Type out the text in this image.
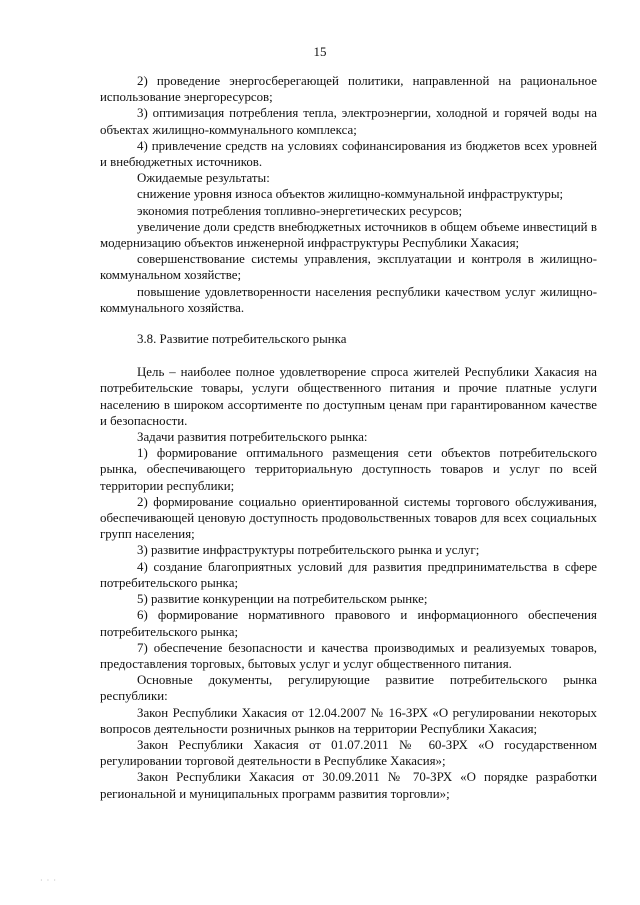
15

2) проведение энергосберегающей политики, направленной на рациональное использование энергоресурсов;

3) оптимизация потребления тепла, электроэнергии, холодной и горячей воды на объектах жилищно-коммунального комплекса;

4) привлечение средств на условиях софинансирования из бюджетов всех уровней и внебюджетных источников.

Ожидаемые результаты:

снижение уровня износа объектов жилищно-коммунальной инфраструктуры;

экономия потребления топливно-энергетических ресурсов;

увеличение доли средств внебюджетных источников в общем объеме инвестиций в модернизацию объектов инженерной инфраструктуры Республики Хакасия;

совершенствование системы управления, эксплуатации и контроля в жилищно-коммунальном хозяйстве;

повышение удовлетворенности населения республики качеством услуг жилищно-коммунального хозяйства.

3.8. Развитие потребительского рынка

Цель – наиболее полное удовлетворение спроса жителей Республики Хакасия на потребительские товары, услуги общественного питания и прочие платные услуги населению в широком ассортименте по доступным ценам при гарантированном качестве и безопасности.

Задачи развития потребительского рынка:

1) формирование оптимального размещения сети объектов потребительского рынка, обеспечивающего территориальную доступность товаров и услуг по всей территории республики;

2) формирование социально ориентированной системы торгового обслуживания, обеспечивающей ценовую доступность продовольственных товаров для всех социальных групп населения;

3) развитие инфраструктуры потребительского рынка и услуг;

4) создание благоприятных условий для развития предпринимательства в сфере потребительского рынка;

5) развитие конкуренции на потребительском рынке;

6) формирование нормативного правового и информационного обеспечения потребительского рынка;

7) обеспечение безопасности и качества производимых и реализуемых товаров, предоставления торговых, бытовых услуг и услуг общественного питания.

Основные документы, регулирующие развитие потребительского рынка республики:

Закон Республики Хакасия от 12.04.2007 № 16-ЗРХ «О регулировании некоторых вопросов деятельности розничных рынков на территории Республики Хакасия;

Закон Республики Хакасия от 01.07.2011 № 60-ЗРХ «О государственном регулировании торговой деятельности в Республике Хакасия»;

Закон Республики Хакасия от 30.09.2011 № 70-ЗРХ «О порядке разработки региональной и муниципальных программ развития торговли»;

· · ·
